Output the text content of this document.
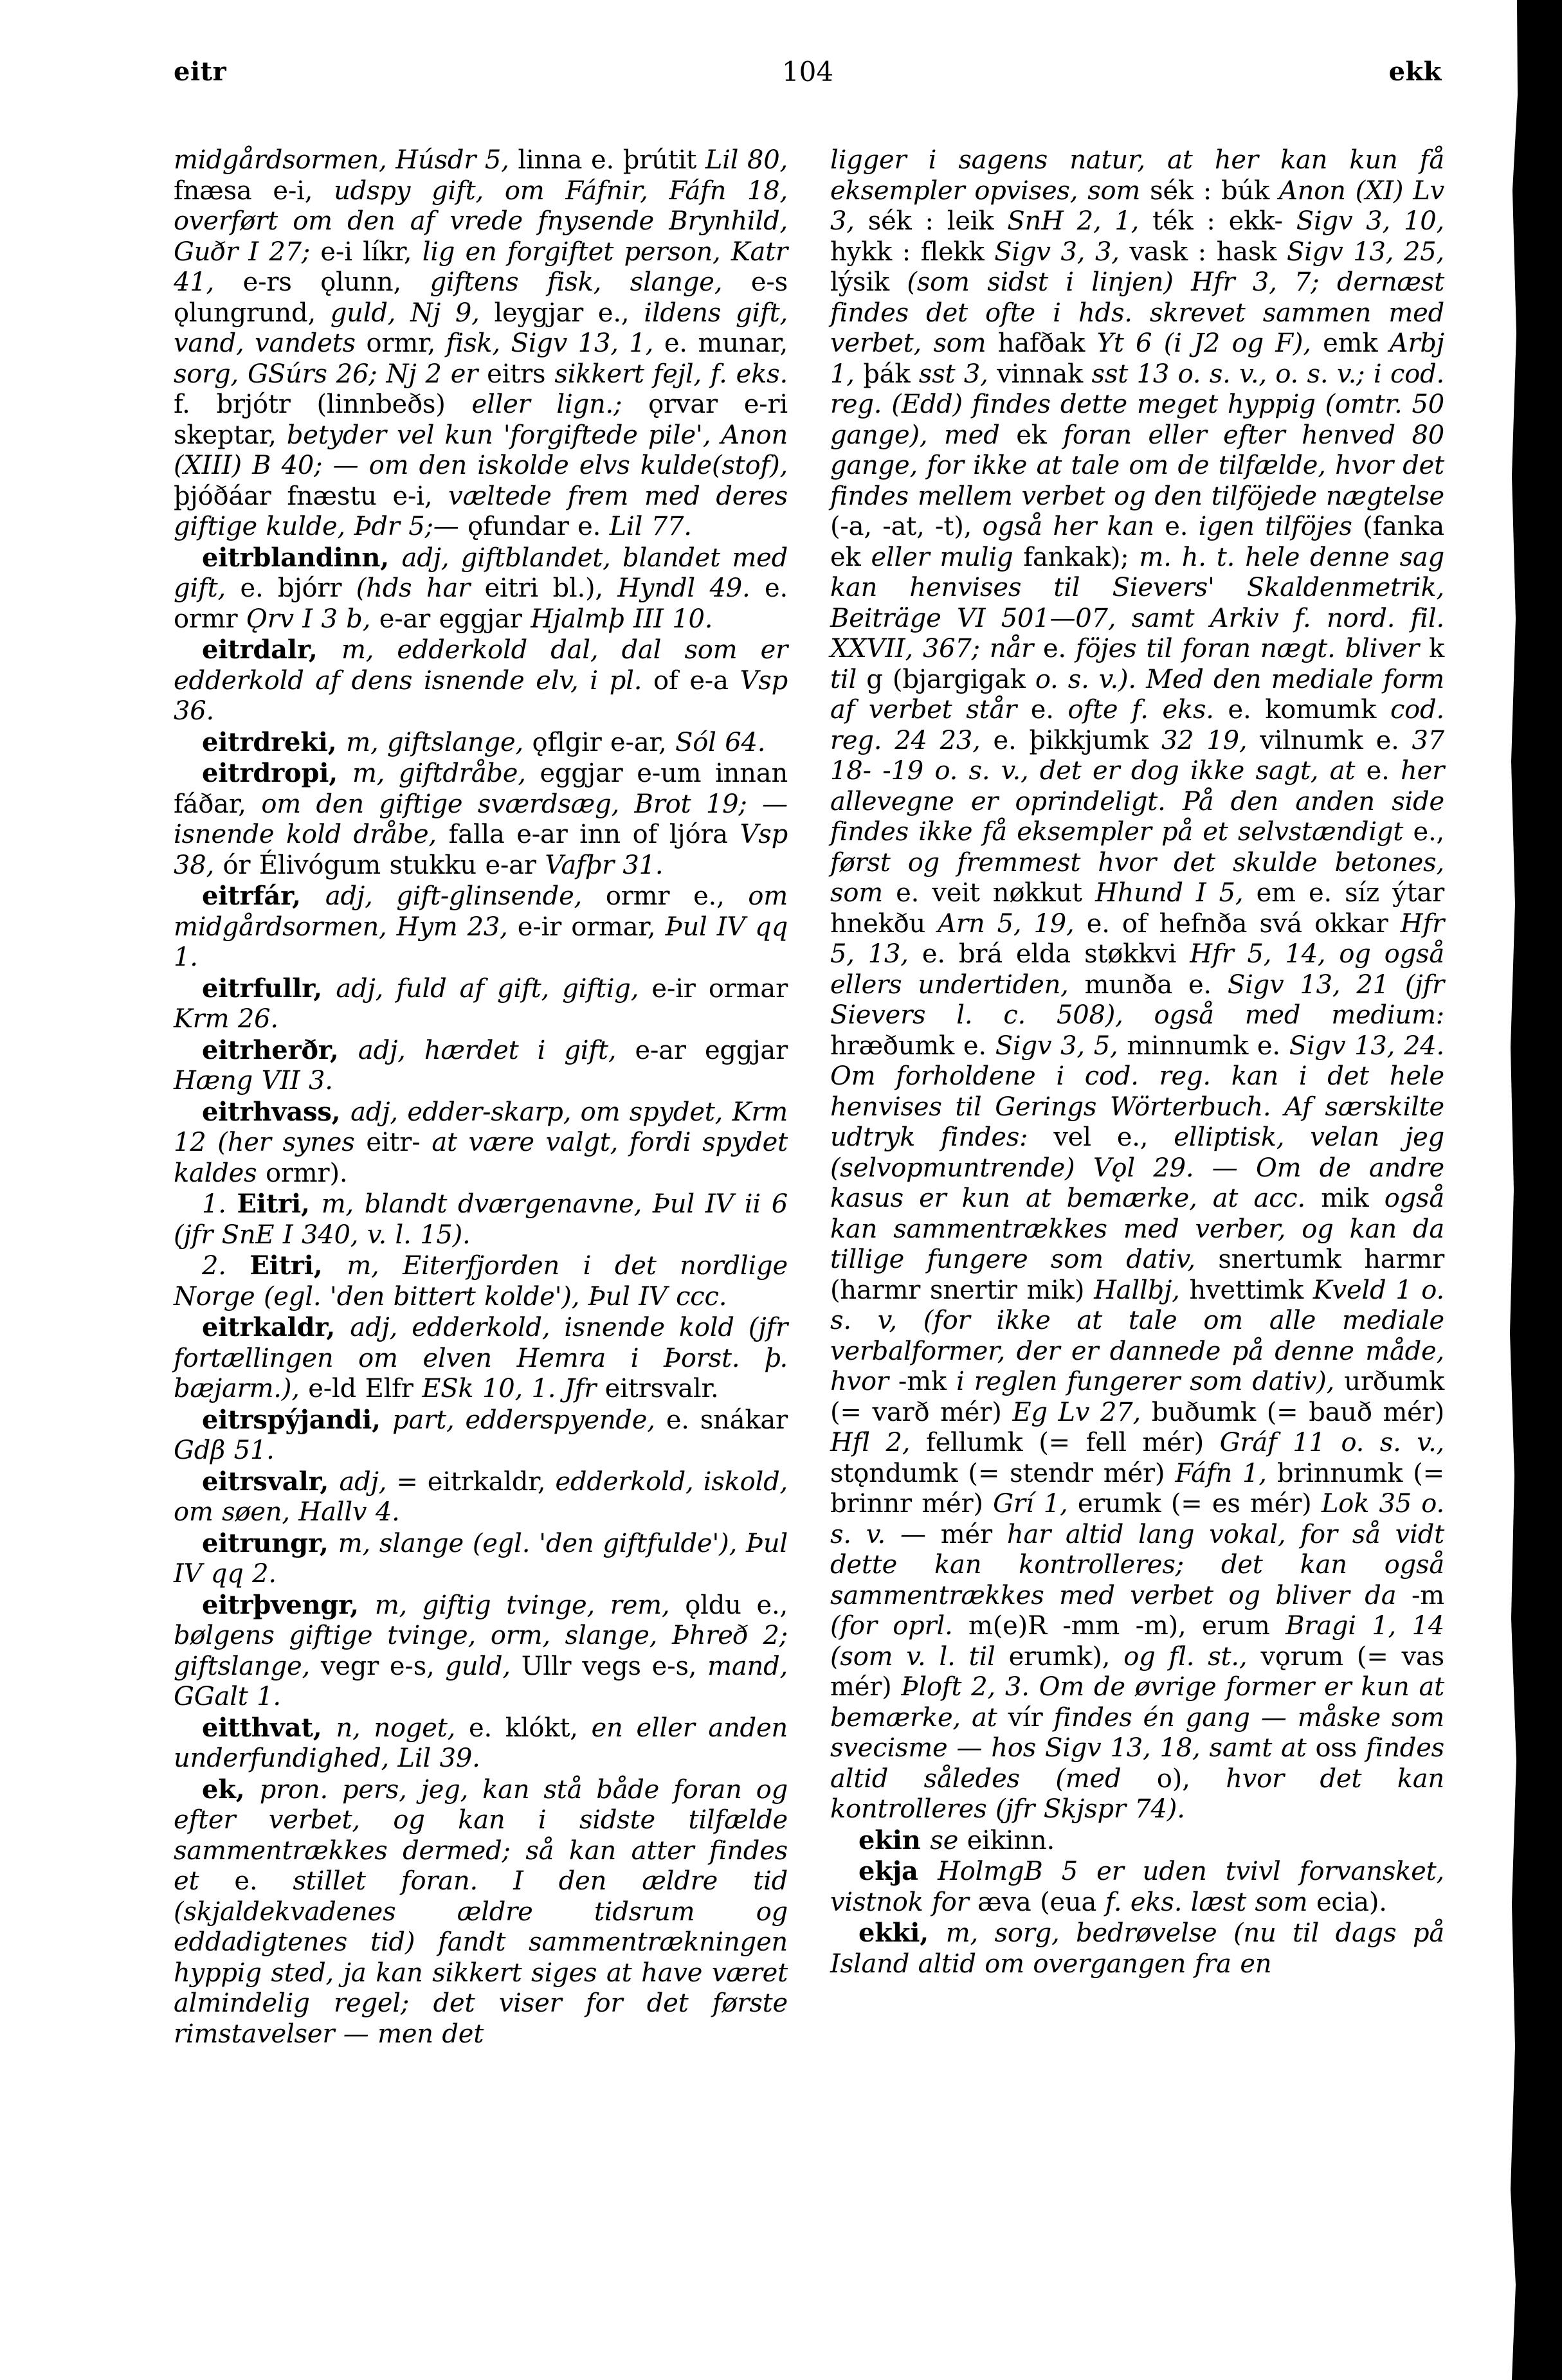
eitr	104	ekk

midgårdsormen, Húsdr 5, linna e. þrútit Lil 80, fnæsa e-i, udspy gift, om Fáfnir, Fáfn 18, overført om den af vrede fnysende Brynhild, Guðr I 27; e-i líkr, lig en forgiftet person, Katr 41, e-rs ǫlunn, giftens fisk, slange, e-s ǫlungrund, guld, Nj 9, leygjar e., ildens gift, vand, vandets ormr, fisk, Sigv 13, 1, e. munar, sorg, GSúrs 26; Nj 2 er eitrs sikkert fejl, f. eks. f. brjótr (linnbeðs) eller lign.; ǫrvar e-ri skeptar, betyder vel kun 'forgiftede pile', Anon (XIII) B 40; — om den iskolde elvs kulde(stof), þjóðáar fnæstu e-i, væltede frem med deres giftige kulde, Þdr 5;— ǫfundar e. Lil 77.

eitrblandinn, adj, giftblandet, blandet med gift, e. bjórr (hds har eitri bl.), Hyndl 49. e. ormr Ǫrv I 3 b, e-ar eggjar Hjalmþ III 10.

eitrdalr, m, edderkold dal, dal som er edderkold af dens isnende elv, i pl. of e-a Vsp 36.

eitrdreki, m, giftslange, ǫflgir e-ar, Sól 64.

eitrdropi, m, giftdråbe, eggjar e-um innan fáðar, om den giftige sværdsæg, Brot 19; — isnende kold dråbe, falla e-ar inn of ljóra Vsp 38, ór Élivógum stukku e-ar Vafþr 31.

eitrfár, adj, gift-glinsende, ormr e., om midgårdsormen, Hym 23, e-ir ormar, Þul IV qq 1.

eitrfullr, adj, fuld af gift, giftig, e-ir ormar Krm 26.

eitrherðr, adj, hærdet i gift, e-ar eggjar Hæng VII 3.

eitrhvass, adj, edder-skarp, om spydet, Krm 12 (her synes eitr- at være valgt, fordi spydet kaldes ormr).

1. Eitri, m, blandt dværgenavne, Þul IV ii 6 (jfr SnE I 340, v. l. 15).

2. Eitri, m, Eiterfjorden i det nordlige Norge (egl. 'den bittert kolde'), Þul IV ccc.

eitrkaldr, adj, edderkold, isnende kold (jfr fortællingen om elven Hemra i Þorst. þ. bæjarm.), e-ld Elfr ESk 10, 1. Jfr eitrsvalr.

eitrspýjandi, part, edderspyende, e. snákar Gdβ 51.

eitrsvalr, adj, = eitrkaldr, edderkold, iskold, om søen, Hallv 4.

eitrungr, m, slange (egl. 'den giftfulde'), Þul IV qq 2.

eitrþvengr, m, giftig tvinge, rem, ǫldu e., bølgens giftige tvinge, orm, slange, Þhreð 2; giftslange, vegr e-s, guld, Ullr vegs e-s, mand, GGalt 1.

eitthvat, n, noget, e. klókt, en eller anden underfundighed, Lil 39.

ek, pron. pers, jeg, kan stå både foran og efter verbet, og kan i sidste tilfælde sammentrækkes dermed; så kan atter findes et e. stillet foran. I den ældre tid (skjaldekvadenes ældre tidsrum og eddadigtenes tid) fandt sammentrækningen hyppig sted, ja kan sikkert siges at have været almindelig regel; det viser for det første rimstavelser — men det

ligger i sagens natur, at her kan kun få eksempler opvises, som sék : búk Anon (XI) Lv 3, sék : leik SnH 2, 1, ték : ekk- Sigv 3, 10, hykk : flekk Sigv 3, 3, vask : hask Sigv 13, 25, lýsik (som sidst i linjen) Hfr 3, 7; dernæst findes det ofte i hds. skrevet sammen med verbet, som hafðak Yt 6 (i J2 og F), emk Arbj 1, þák sst 3, vinnak sst 13 o. s. v., o. s. v.; i cod. reg. (Edd) findes dette meget hyppig (omtr. 50 gange), med ek foran eller efter henved 80 gange, for ikke at tale om de tilfælde, hvor det findes mellem verbet og den tilföjede nægtelse (-a, -at, -t), også her kan e. igen tilföjes (fanka ek eller mulig fankak); m. h. t. hele denne sag kan henvises til Sievers' Skaldenmetrik, Beiträge VI 501—07, samt Arkiv f. nord. fil. XXVII, 367; når e. föjes til foran nægt. bliver k til g (bjargigak o. s. v.). Med den mediale form af verbet står e. ofte f. eks. e. komumk cod. reg. 24 23, e. þikkjumk 32 19, vilnumk e. 37 18- -19 o. s. v., det er dog ikke sagt, at e. her allevegne er oprindeligt. På den anden side findes ikke få eksempler på et selvstændigt e., først og fremmest hvor det skulde betones, som e. veit nøkkut Hhund I 5, em e. síz ýtar hnekðu Arn 5, 19, e. of hefnða svá okkar Hfr 5, 13, e. brá elda støkkvi Hfr 5, 14, og også ellers undertiden, munða e. Sigv 13, 21 (jfr Sievers l. c. 508), også med medium: hræðumk e. Sigv 3, 5, minnumk e. Sigv 13, 24. Om forholdene i cod. reg. kan i det hele henvises til Gerings Wörterbuch. Af særskilte udtryk findes: vel e., elliptisk, velan jeg (selvopmuntrende) Vǫl 29. — Om de andre kasus er kun at bemærke, at acc. mik også kan sammentrækkes med verber, og kan da tillige fungere som dativ, snertumk harmr (harmr snertir mik) Hallbj, hvettimk Kveld 1 o. s. v, (for ikke at tale om alle mediale verbalformer, der er dannede på denne måde, hvor -mk i reglen fungerer som dativ), urðumk (= varð mér) Eg Lv 27, buðumk (= bauð mér) Hfl 2, fellumk (= fell mér) Gráf 11 o. s. v., stǫndumk (= stendr mér) Fáfn 1, brinnumk (= brinnr mér) Grí 1, erumk (= es mér) Lok 35 o. s. v. — mér har altid lang vokal, for så vidt dette kan kontrolleres; det kan også sammentrækkes med verbet og bliver da -m (for oprl. m(e)R -mm -m), erum Bragi 1, 14 (som v. l. til erumk), og fl. st., vǫrum (= vas mér) Þloft 2, 3. Om de øvrige former er kun at bemærke, at vír findes én gang — måske som svecisme — hos Sigv 13, 18, samt at oss findes altid således (med o), hvor det kan kontrolleres (jfr Skjspr 74).

ekin se eikinn.

ekja HolmgB 5 er uden tvivl forvansket, vistnok for æva (eua f. eks. læst som ecia).

ekki, m, sorg, bedrøvelse (nu til dags på Island altid om overgangen fra en
